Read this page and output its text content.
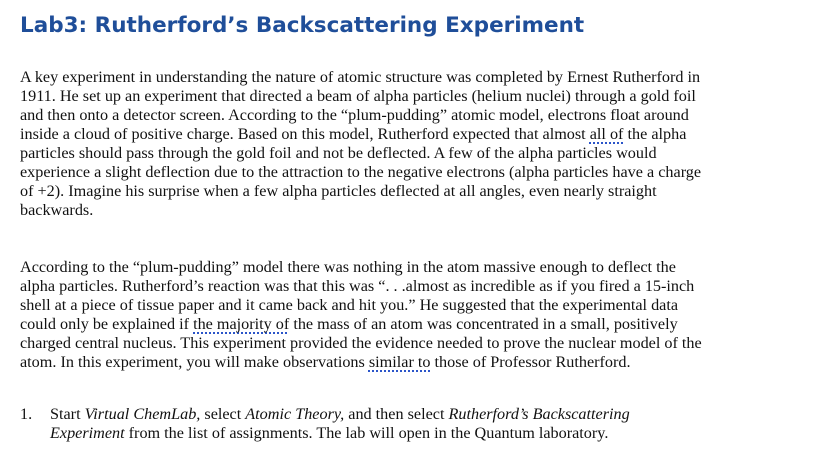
Lab3: Rutherford’s Backscattering Experiment

A key experiment in understanding the nature of atomic structure was completed by Ernest Rutherford in
1911. He set up an experiment that directed a beam of alpha particles (helium nuclei) through a gold foil
and then onto a detector screen. According to the “plum-pudding” atomic model, electrons float around
inside a cloud of positive charge. Based on this model, Rutherford expected that almost all of the alpha
particles should pass through the gold foil and not be deflected. A few of the alpha particles would
experience a slight deflection due to the attraction to the negative electrons (alpha particles have a charge
of +2). Imagine his surprise when a few alpha particles deflected at all angles, even nearly straight
backwards.

According to the “plum-pudding” model there was nothing in the atom massive enough to deflect the
alpha particles. Rutherford’s reaction was that this was “. . .almost as incredible as if you fired a 15-inch
shell at a piece of tissue paper and it came back and hit you.” He suggested that the experimental data
could only be explained if the majority of the mass of an atom was concentrated in a small, positively
charged central nucleus. This experiment provided the evidence needed to prove the nuclear model of the
atom. In this experiment, you will make observations similar to those of Professor Rutherford.

1. Start Virtual ChemLab, select Atomic Theory, and then select Rutherford’s Backscattering
Experiment from the list of assignments. The lab will open in the Quantum laboratory.
